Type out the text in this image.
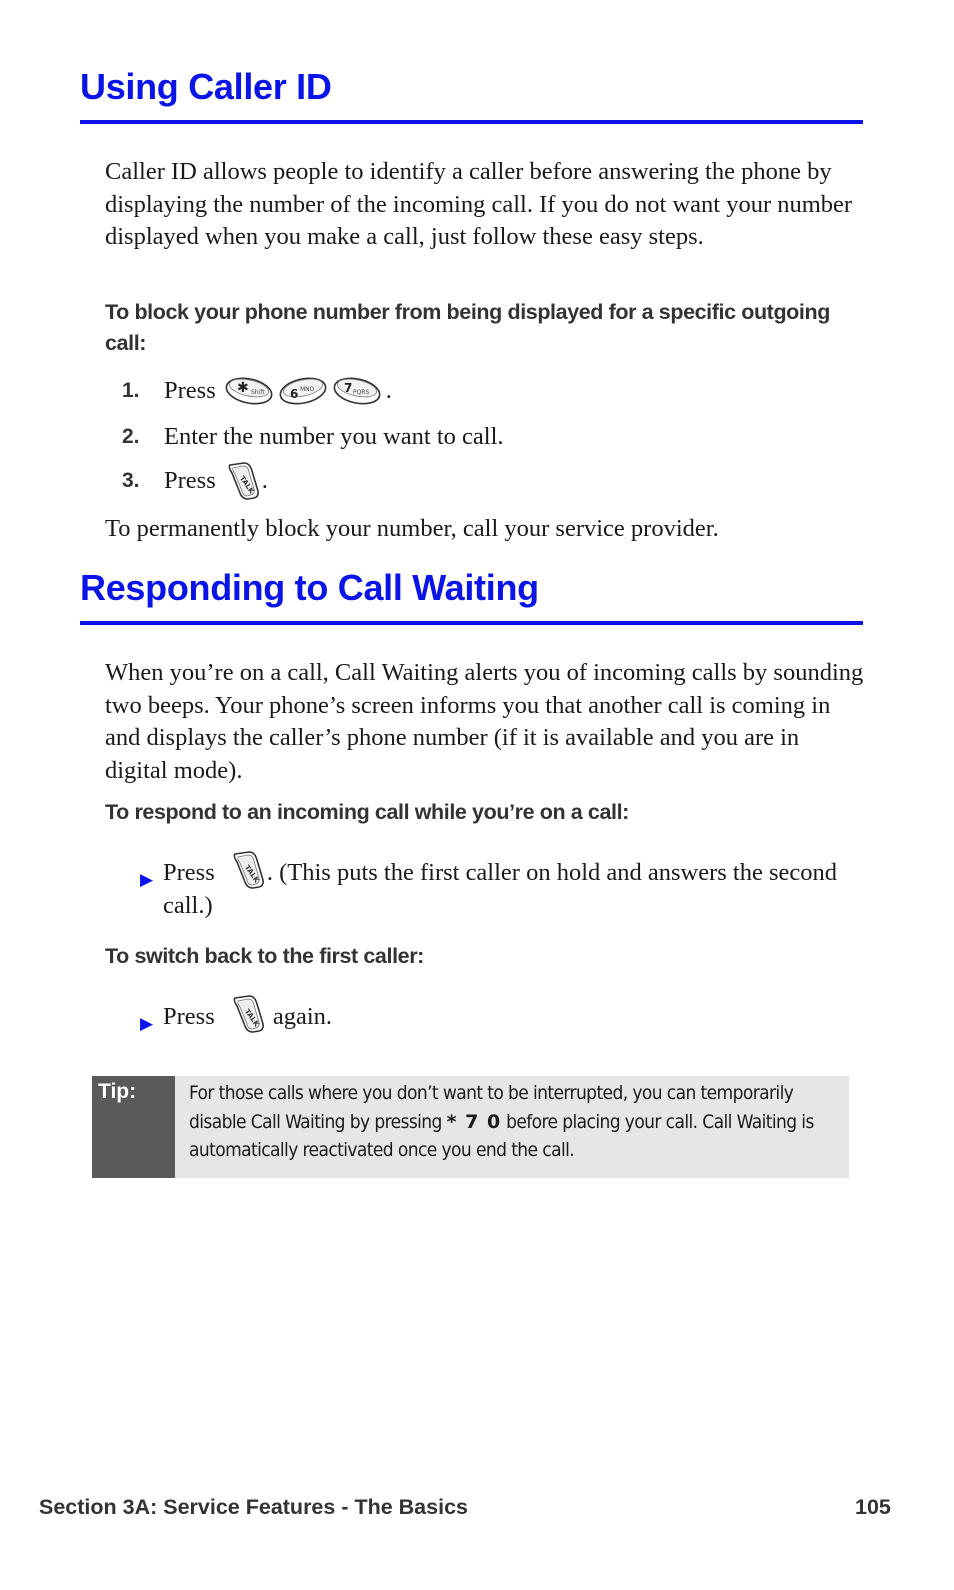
Using Caller ID
Caller ID allows people to identify a caller before answering the phone by displaying the number of the incoming call. If you do not want your number displayed when you make a call, just follow these easy steps.
To block your phone number from being displayed for a specific outgoing call:
1. Press ✱ Shift 6 MNO 7 PQRS .
2. Enter the number you want to call.
3. Press	TALK .
To permanently block your number, call your service provider.
Responding to Call Waiting
When you’re on a call, Call Waiting alerts you of incoming calls by sounding two beeps. Your phone’s screen informs you that another call is coming in and displays the caller’s phone number (if it is available and you are in digital mode).
To respond to an incoming call while you’re on a call:
▶ Press	TALK . (This puts the first caller on hold and answers the second call.)
To switch back to the first caller:
▶ Press	TALK again.
Tip:	For those calls where you don’t want to be interrupted, you can temporarily disable Call Waiting by pressing * 7 0 before placing your call. Call Waiting is automatically reactivated once you end the call.
Section 3A: Service Features - The Basics	105
